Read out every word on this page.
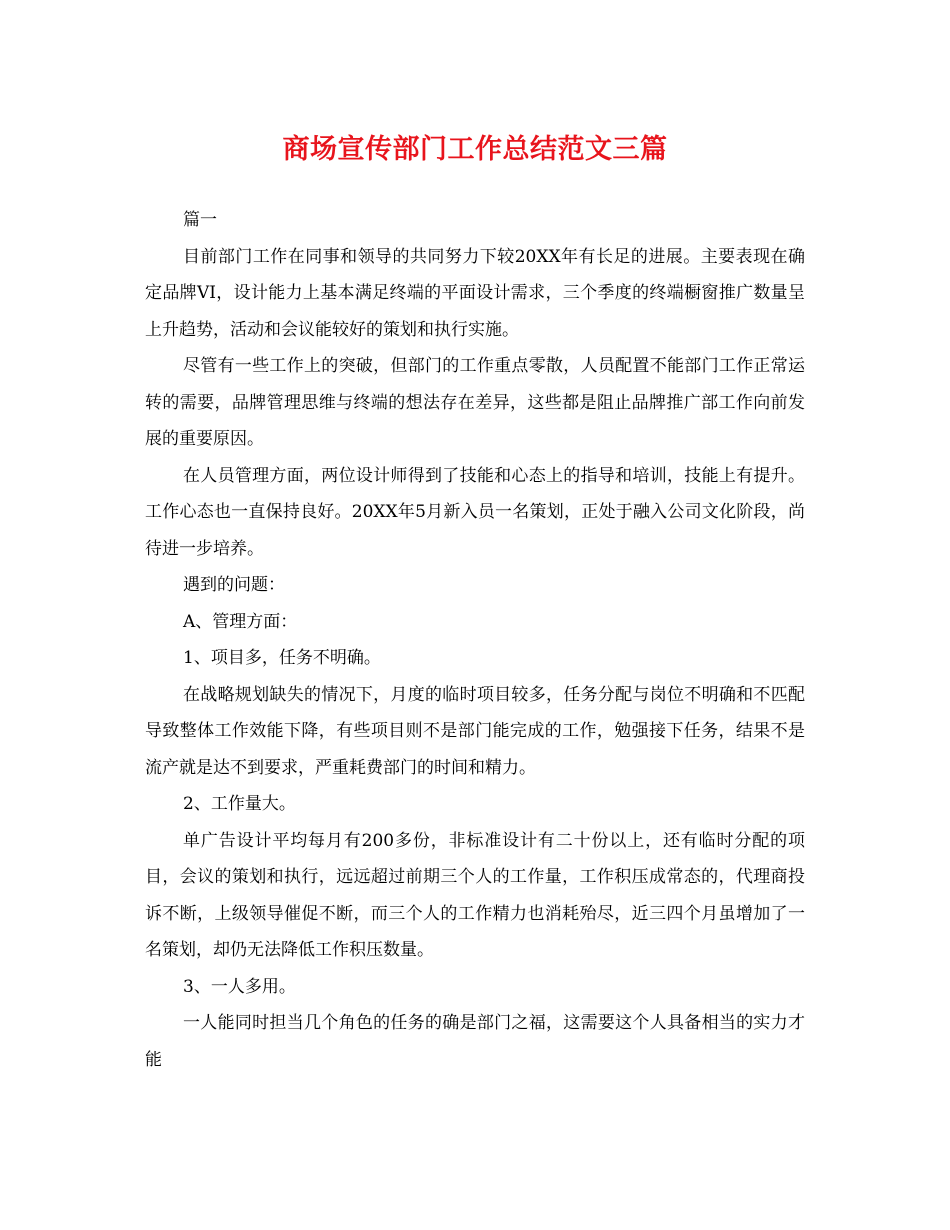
商场宣传部门工作总结范文三篇

篇一

目前部门工作在同事和领导的共同努力下较20XX年有长足的进展。主要表现在确定品牌VI，设计能力上基本满足终端的平面设计需求，三个季度的终端橱窗推广数量呈上升趋势，活动和会议能较好的策划和执行实施。

尽管有一些工作上的突破，但部门的工作重点零散，人员配置不能部门工作正常运转的需要，品牌管理思维与终端的想法存在差异，这些都是阻止品牌推广部工作向前发展的重要原因。

在人员管理方面，两位设计师得到了技能和心态上的指导和培训，技能上有提升。工作心态也一直保持良好。20XX年5月新入员一名策划，正处于融入公司文化阶段，尚待进一步培养。

遇到的问题：

A、管理方面：

1、项目多，任务不明确。

在战略规划缺失的情况下，月度的临时项目较多，任务分配与岗位不明确和不匹配导致整体工作效能下降，有些项目则不是部门能完成的工作，勉强接下任务，结果不是流产就是达不到要求，严重耗费部门的时间和精力。

2、工作量大。

单广告设计平均每月有200多份，非标准设计有二十份以上，还有临时分配的项目，会议的策划和执行，远远超过前期三个人的工作量，工作积压成常态的，代理商投诉不断，上级领导催促不断，而三个人的工作精力也消耗殆尽，近三四个月虽增加了一名策划，却仍无法降低工作积压数量。

3、一人多用。

一人能同时担当几个角色的任务的确是部门之福，这需要这个人具备相当的实力才能
